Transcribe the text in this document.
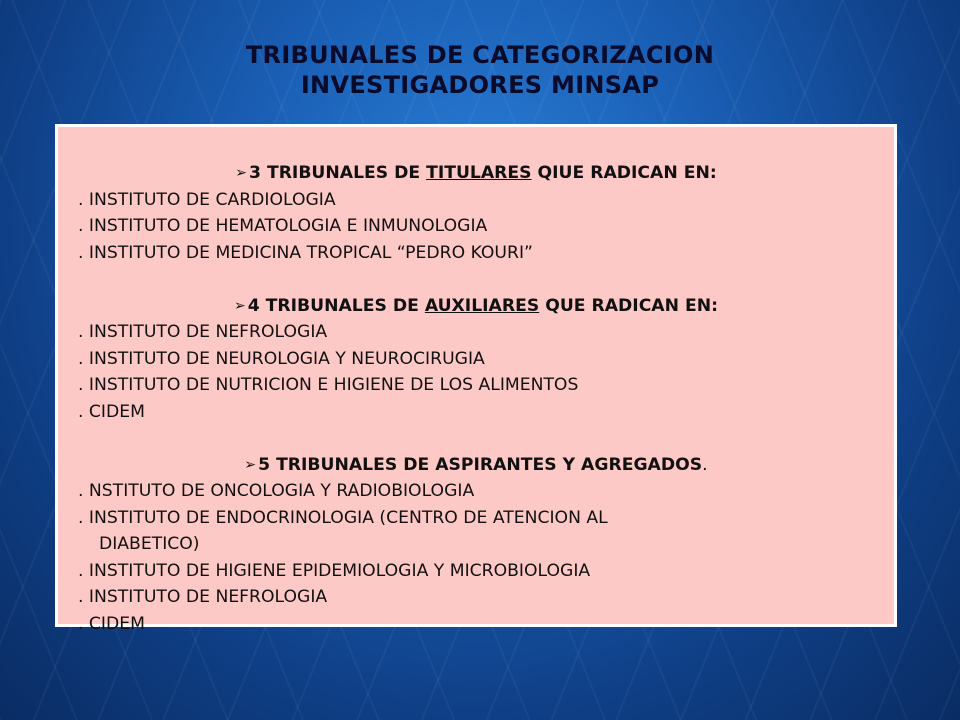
TRIBUNALES DE CATEGORIZACION
INVESTIGADORES MINSAP
➢ 3 TRIBUNALES DE TITULARES QIUE RADICAN EN:
. INSTITUTO DE CARDIOLOGIA
. INSTITUTO DE HEMATOLOGIA E INMUNOLOGIA
. INSTITUTO DE MEDICINA TROPICAL “PEDRO KOURI”
➢ 4 TRIBUNALES DE AUXILIARES QUE RADICAN EN:
. INSTITUTO DE NEFROLOGIA
. INSTITUTO DE NEUROLOGIA Y NEUROCIRUGIA
. INSTITUTO DE NUTRICION E HIGIENE DE LOS ALIMENTOS
. CIDEM
➢ 5 TRIBUNALES DE ASPIRANTES Y AGREGADOS.
. NSTITUTO DE ONCOLOGIA Y RADIOBIOLOGIA
. INSTITUTO DE ENDOCRINOLOGIA (CENTRO DE ATENCION AL
DIABETICO)
. INSTITUTO DE HIGIENE EPIDEMIOLOGIA Y MICROBIOLOGIA
. INSTITUTO DE NEFROLOGIA
. CIDEM
